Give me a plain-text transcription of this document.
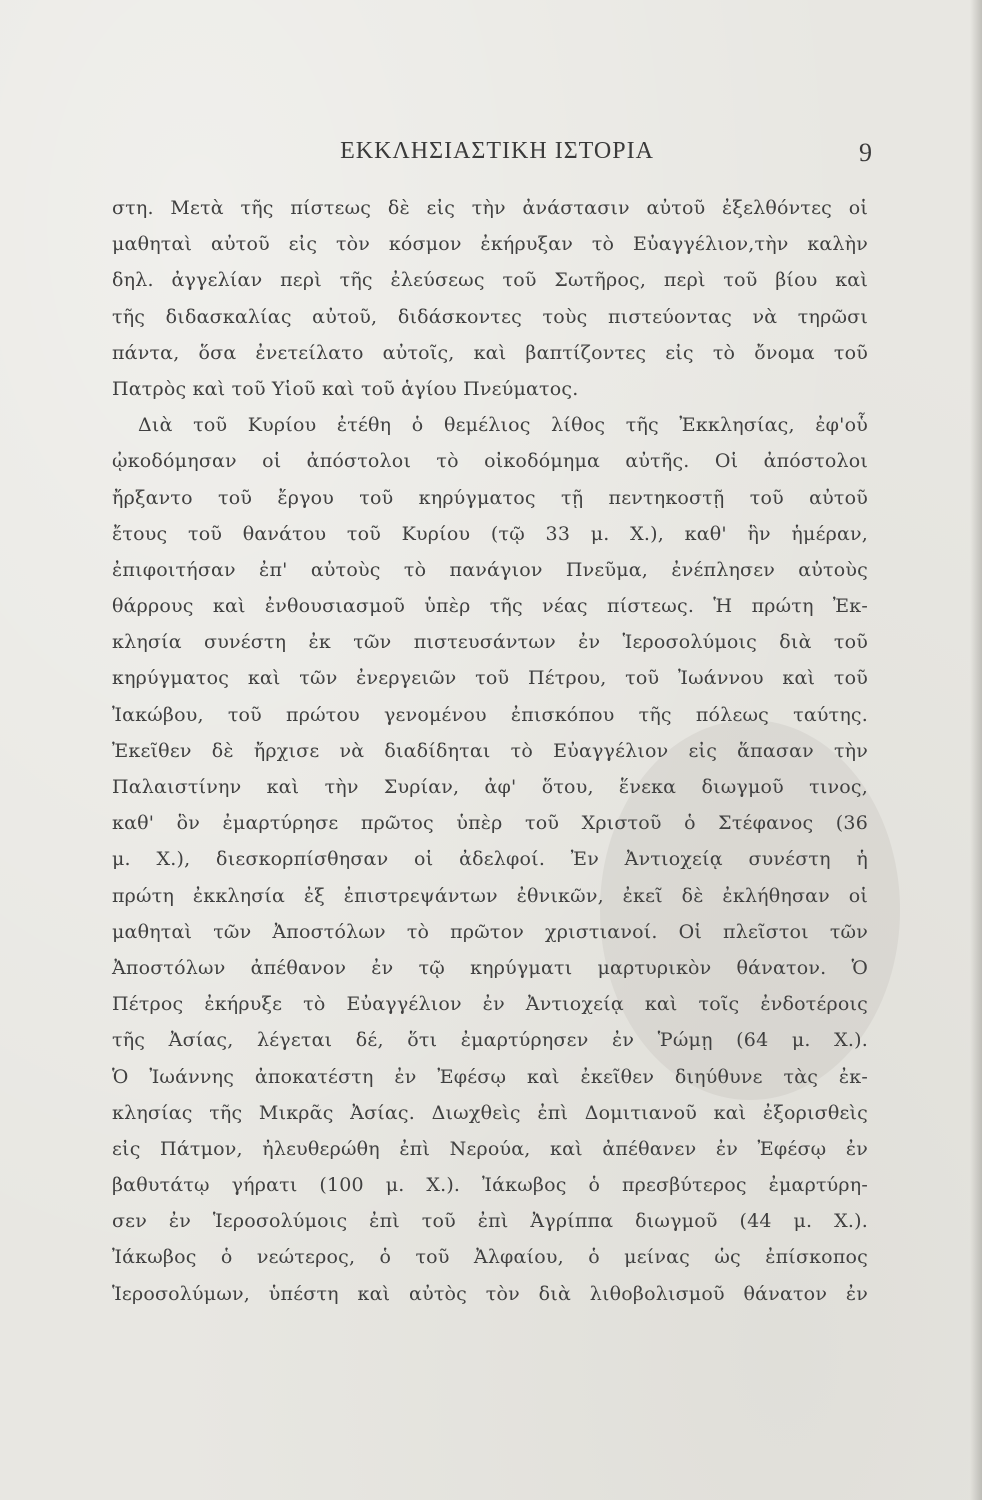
ΕΚΚΛΗΣΙΑΣΤΙΚΗ ΙΣΤΟΡΙΑ	9
στη. Μετὰ τῆς πίστεως δὲ εἰς τὴν ἀνάστασιν αὐτοῦ ἐξελθόντες οἱ
μαθηταὶ αὐτοῦ εἰς τὸν κόσμον ἐκήρυξαν τὸ Εὐαγγέλιον,τὴν καλὴν
δηλ. ἀγγελίαν περὶ τῆς ἐλεύσεως τοῦ Σωτῆρος, περὶ τοῦ βίου καὶ
τῆς διδασκαλίας αὐτοῦ, διδάσκοντες τοὺς πιστεύοντας νὰ τηρῶσι
πάντα, ὅσα ἐνετείλατο αὐτοῖς, καὶ βαπτίζοντες εἰς τὸ ὄνομα τοῦ
Πατρὸς καὶ τοῦ Υἱοῦ καὶ τοῦ ἁγίου Πνεύματος.
Διὰ τοῦ Κυρίου ἐτέθη ὁ θεμέλιος λίθος τῆς Ἐκκλησίας, ἐφ'οὗ
ᾠκοδόμησαν οἱ ἀπόστολοι τὸ οἰκοδόμημα αὐτῆς. Οἱ ἀπόστολοι
ἤρξαντο τοῦ ἔργου τοῦ κηρύγματος τῇ πεντηκοστῇ τοῦ αὐτοῦ
ἔτους τοῦ θανάτου τοῦ Κυρίου (τῷ 33 μ. Χ.), καθ' ἣν ἡμέραν,
ἐπιφοιτήσαν ἐπ' αὐτοὺς τὸ πανάγιον Πνεῦμα, ἐνέπλησεν αὐτοὺς
θάρρους καὶ ἐνθουσιασμοῦ ὑπὲρ τῆς νέας πίστεως. Ἡ πρώτη Ἐκ-
κλησία συνέστη ἐκ τῶν πιστευσάντων ἐν Ἱεροσολύμοις διὰ τοῦ
κηρύγματος καὶ τῶν ἐνεργειῶν τοῦ Πέτρου, τοῦ Ἰωάννου καὶ τοῦ
Ἰακώβου, τοῦ πρώτου γενομένου ἐπισκόπου τῆς πόλεως ταύτης.
Ἐκεῖθεν δὲ ἤρχισε νὰ διαδίδηται τὸ Εὐαγγέλιον εἰς ἅπασαν τὴν
Παλαιστίνην καὶ τὴν Συρίαν, ἀφ' ὅτου, ἕνεκα διωγμοῦ τινος,
καθ' ὃν ἐμαρτύρησε πρῶτος ὑπὲρ τοῦ Χριστοῦ ὁ Στέφανος (36
μ. Χ.), διεσκορπίσθησαν οἱ ἀδελφοί. Ἐν Ἀντιοχείᾳ συνέστη ἡ
πρώτη ἐκκλησία ἐξ ἐπιστρεψάντων ἐθνικῶν, ἐκεῖ δὲ ἐκλήθησαν οἱ
μαθηταὶ τῶν Ἀποστόλων τὸ πρῶτον χριστιανοί. Οἱ πλεῖστοι τῶν
Ἀποστόλων ἀπέθανον ἐν τῷ κηρύγματι μαρτυρικὸν θάνατον. Ὁ
Πέτρος ἐκήρυξε τὸ Εὐαγγέλιον ἐν Ἀντιοχείᾳ καὶ τοῖς ἐνδοτέροις
τῆς Ἀσίας, λέγεται δέ, ὅτι ἐμαρτύρησεν ἐν Ῥώμῃ (64 μ. Χ.).
Ὁ Ἰωάννης ἀποκατέστη ἐν Ἐφέσῳ καὶ ἐκεῖθεν διηύθυνε τὰς ἐκ-
κλησίας τῆς Μικρᾶς Ἀσίας. Διωχθεὶς ἐπὶ Δομιτιανοῦ καὶ ἐξορισθεὶς
εἰς Πάτμον, ἠλευθερώθη ἐπὶ Νερούα, καὶ ἀπέθανεν ἐν Ἐφέσῳ ἐν
βαθυτάτῳ γήρατι (100 μ. Χ.). Ἰάκωβος ὁ πρεσβύτερος ἐμαρτύρη-
σεν ἐν Ἱεροσολύμοις ἐπὶ τοῦ ἐπὶ Ἀγρίππα διωγμοῦ (44 μ. Χ.).
Ἰάκωβος ὁ νεώτερος, ὁ τοῦ Ἀλφαίου, ὁ μείνας ὡς ἐπίσκοπος
Ἱεροσολύμων, ὑπέστη καὶ αὐτὸς τὸν διὰ λιθοβολισμοῦ θάνατον ἐν
